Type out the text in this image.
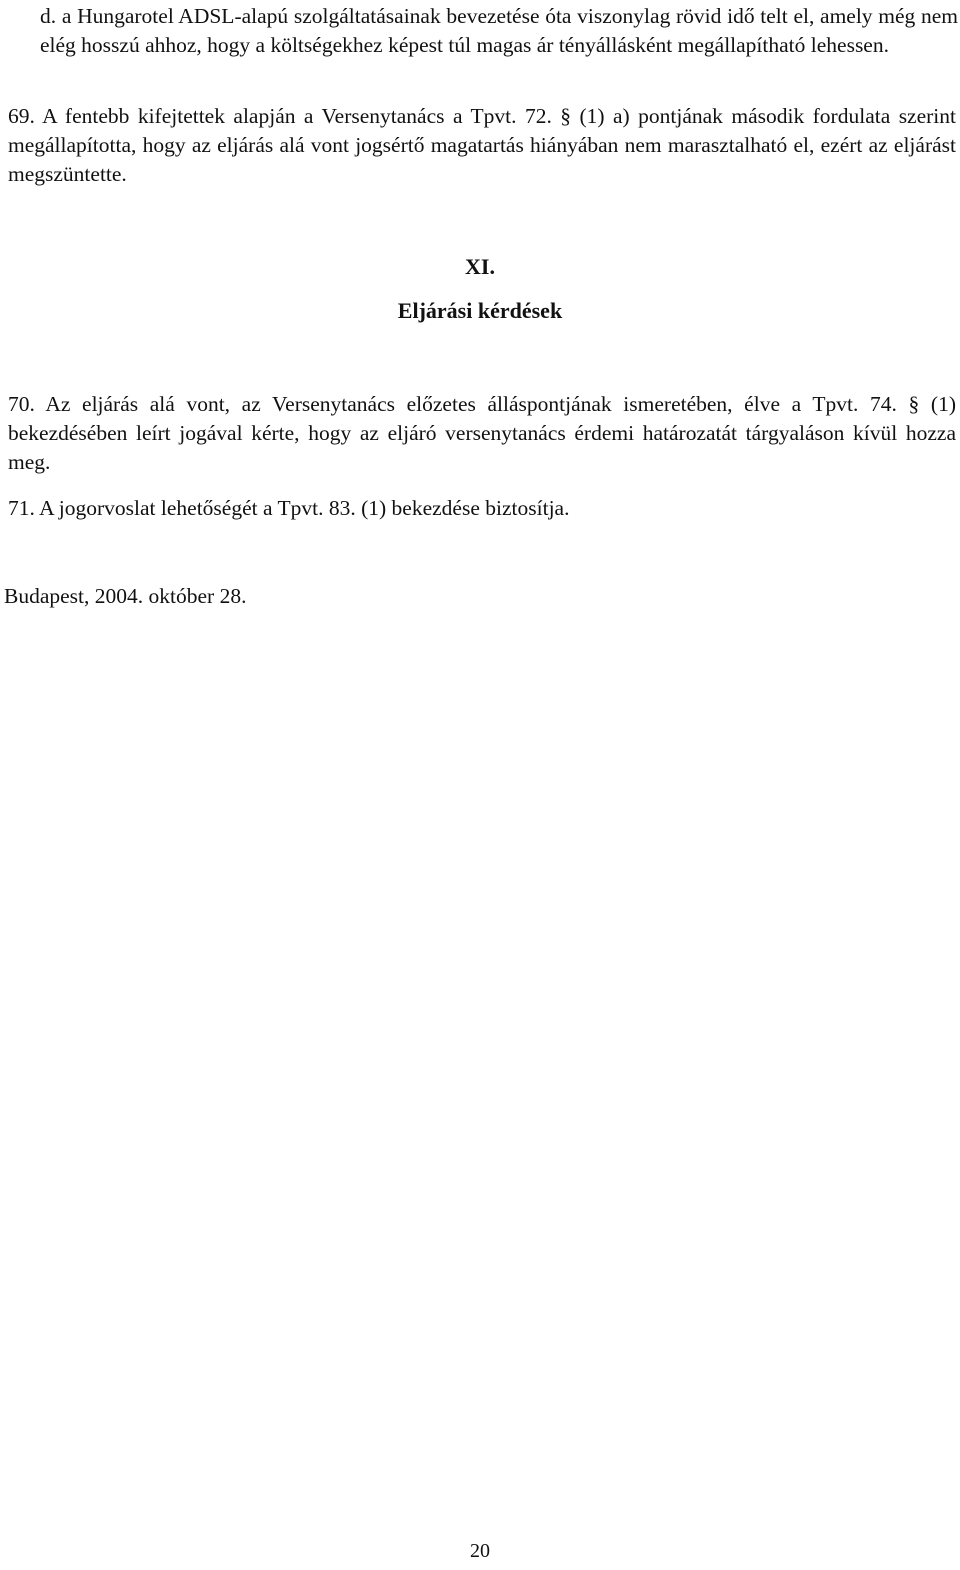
d. a Hungarotel ADSL-alapú szolgáltatásainak bevezetése óta viszonylag rövid idő telt el, amely még nem elég hosszú ahhoz, hogy a költségekhez képest túl magas ár tényállásként megállapítható lehessen.

69. A fentebb kifejtettek alapján a Versenytanács a Tpvt. 72. § (1) a) pontjának második fordulata szerint megállapította, hogy az eljárás alá vont jogsértő magatartás hiányában nem marasztalható el, ezért az eljárást megszüntette.

XI.

Eljárási kérdések

70. Az eljárás alá vont, az Versenytanács előzetes álláspontjának ismeretében, élve a Tpvt. 74. § (1) bekezdésében leírt jogával kérte, hogy az eljáró versenytanács érdemi határozatát tárgyaláson kívül hozza meg.

71. A jogorvoslat lehetőségét a Tpvt. 83. (1) bekezdése biztosítja.

Budapest, 2004. október 28.

20
